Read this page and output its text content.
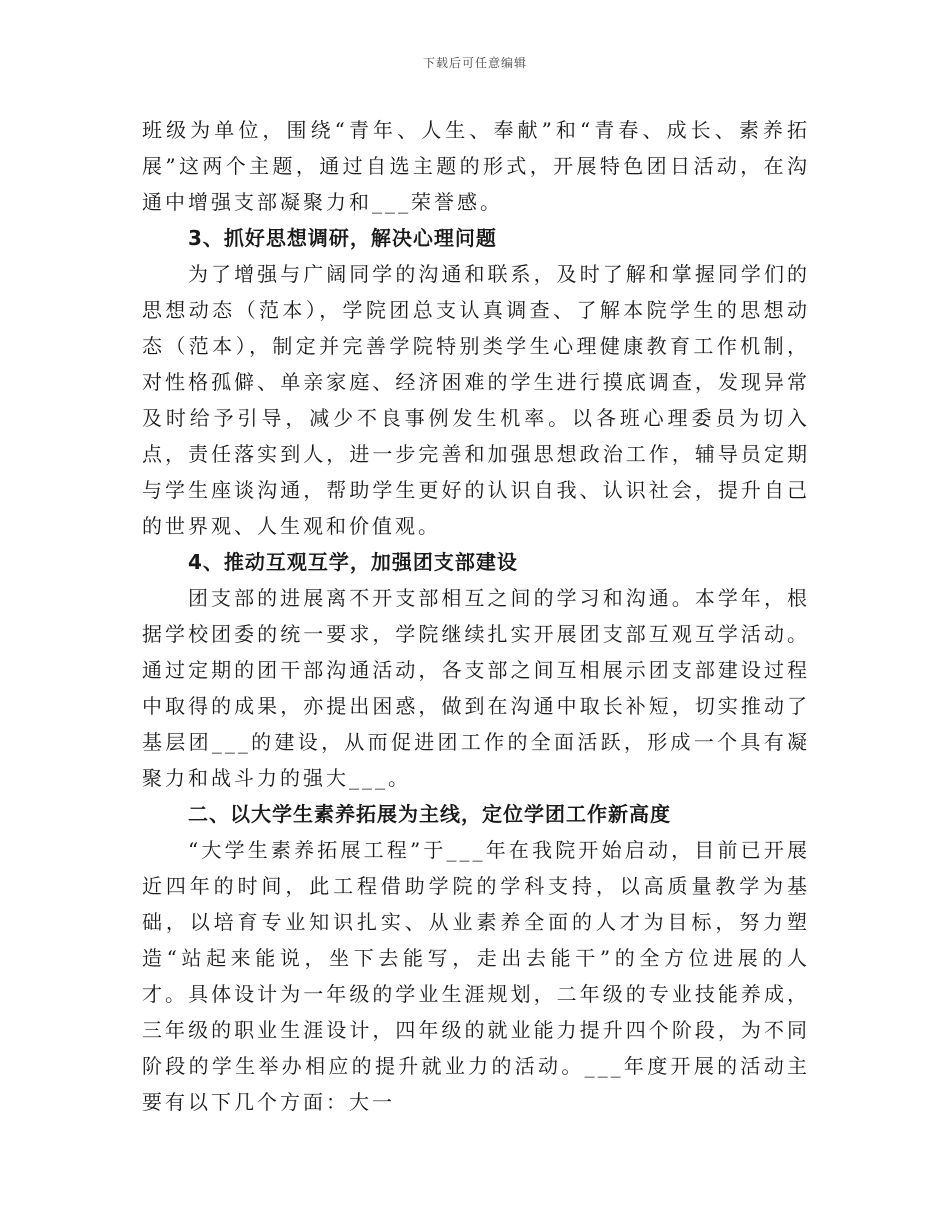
下载后可任意编辑

班级为单位，围绕“青年、人生、奉献”和“青春、成长、素养拓展”这两个主题，通过自选主题的形式，开展特色团日活动，在沟通中增强支部凝聚力和___荣誉感。

3、抓好思想调研，解决心理问题

为了增强与广阔同学的沟通和联系，及时了解和掌握同学们的思想动态（范本），学院团总支认真调查、了解本院学生的思想动态（范本），制定并完善学院特别类学生心理健康教育工作机制，对性格孤僻、单亲家庭、经济困难的学生进行摸底调查，发现异常及时给予引导，减少不良事例发生机率。以各班心理委员为切入点，责任落实到人，进一步完善和加强思想政治工作，辅导员定期与学生座谈沟通，帮助学生更好的认识自我、认识社会，提升自己的世界观、人生观和价值观。

4、推动互观互学，加强团支部建设

团支部的进展离不开支部相互之间的学习和沟通。本学年，根据学校团委的统一要求，学院继续扎实开展团支部互观互学活动。通过定期的团干部沟通活动，各支部之间互相展示团支部建设过程中取得的成果，亦提出困惑，做到在沟通中取长补短，切实推动了基层团___的建设，从而促进团工作的全面活跃，形成一个具有凝聚力和战斗力的强大___。

二、以大学生素养拓展为主线，定位学团工作新高度

“大学生素养拓展工程”于___年在我院开始启动，目前已开展近四年的时间，此工程借助学院的学科支持，以高质量教学为基础，以培育专业知识扎实、从业素养全面的人才为目标，努力塑造“站起来能说，坐下去能写，走出去能干”的全方位进展的人才。具体设计为一年级的学业生涯规划，二年级的专业技能养成，三年级的职业生涯设计，四年级的就业能力提升四个阶段，为不同阶段的学生举办相应的提升就业力的活动。___年度开展的活动主要有以下几个方面：大一
